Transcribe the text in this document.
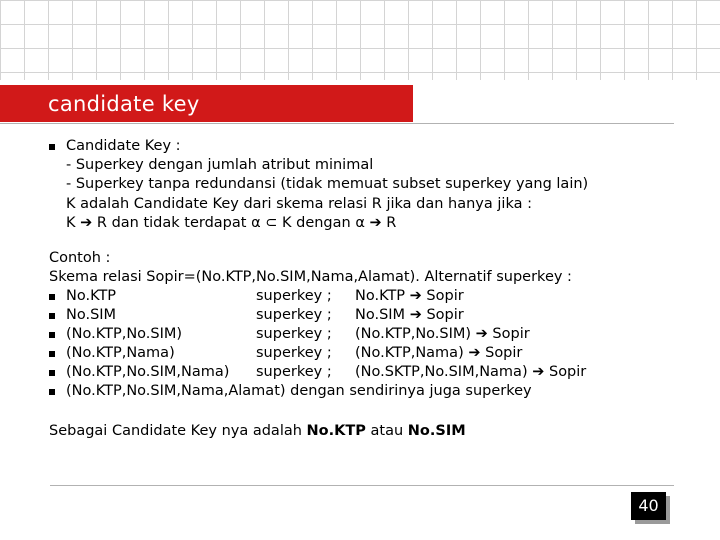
candidate key
Candidate Key :
- Superkey dengan jumlah atribut minimal
- Superkey tanpa redundansi (tidak memuat subset superkey yang lain)
K adalah Candidate Key dari skema relasi R jika dan hanya jika :
K ➔ R dan tidak terdapat α ⊂ K dengan α ➔ R
Contoh :
Skema relasi Sopir=(No.KTP,No.SIM,Nama,Alamat). Alternatif superkey :
No.KTP	superkey ; No.KTP ➔ Sopir
No.SIM	superkey ; No.SIM ➔ Sopir
(No.KTP,No.SIM)	superkey ; (No.KTP,No.SIM) ➔ Sopir
(No.KTP,Nama)	superkey ; (No.KTP,Nama) ➔ Sopir
(No.KTP,No.SIM,Nama) superkey ; (No.SKTP,No.SIM,Nama) ➔ Sopir
(No.KTP,No.SIM,Nama,Alamat) dengan sendirinya juga superkey
Sebagai Candidate Key nya adalah No.KTP atau No.SIM
40
